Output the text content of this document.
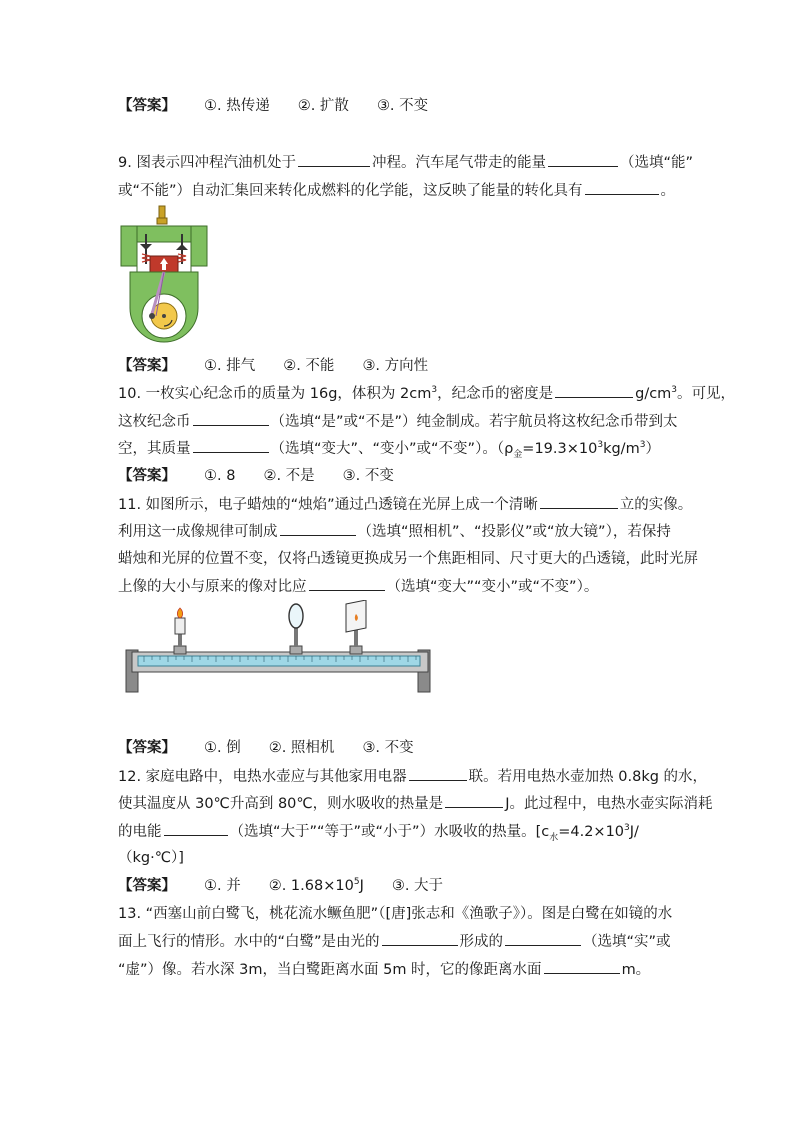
【答案】 ①. 热传递 ②. 扩散 ③. 不变
9. 图表示四冲程汽油机处于	冲程。汽车尾气带走的能量	（选填“能”
或“不能”）自动汇集回来转化成燃料的化学能，这反映了能量的转化具有	。
【答案】 ①. 排气 ②. 不能 ③. 方向性
10. 一枚实心纪念币的质量为 16g，体积为 $2cm^3$，纪念币的密度是	$g/cm^3$。可见，
这枚纪念币	（选填“是”或“不是”）纯金制成。若宇航员将这枚纪念币带到太
空，其质量	（选填“变大”、“变小”或“不变”）。$(\rho_金=19.3\times 10^3kg/m^3)$
【答案】 ①. 8 ②. 不是 ③. 不变
11. 如图所示，电子蜡烛的“烛焰”通过凸透镜在光屏上成一个清晰	立的实像。
利用这一成像规律可制成	（选填“照相机”、“投影仪”或“放大镜”），若保持
蜡烛和光屏的位置不变，仅将凸透镜更换成另一个焦距相同、尺寸更大的凸透镜，此时光屏
上像的大小与原来的像对比应	（选填“变大”“变小”或“不变”）。
【答案】 ①. 倒 ②. 照相机 ③. 不变
12. 家庭电路中，电热水壶应与其他家用电器	联。若用电热水壶加热 0.8kg 的水，
使其温度从 30℃升高到 80℃，则水吸收的热量是	J。此过程中，电热水壶实际消耗
的电能	（选填“大于”“等于”或“小于”）水吸收的热量。[$c_水=4.2\times 10^3J/$
（kg·℃）]
【答案】 ①. 并 ②. $1.68\times 10^5J$ ③. 大于
13. “西塞山前白鹭飞，桃花流水鳜鱼肥”（[唐]张志和《渔歌子》）。图是白鹭在如镜的水
面上飞行的情形。水中的“白鹭”是由光的	形成的	（选填“实”或
“虚”）像。若水深 3m，当白鹭距离水面 5m 时，它的像距离水面	m。
